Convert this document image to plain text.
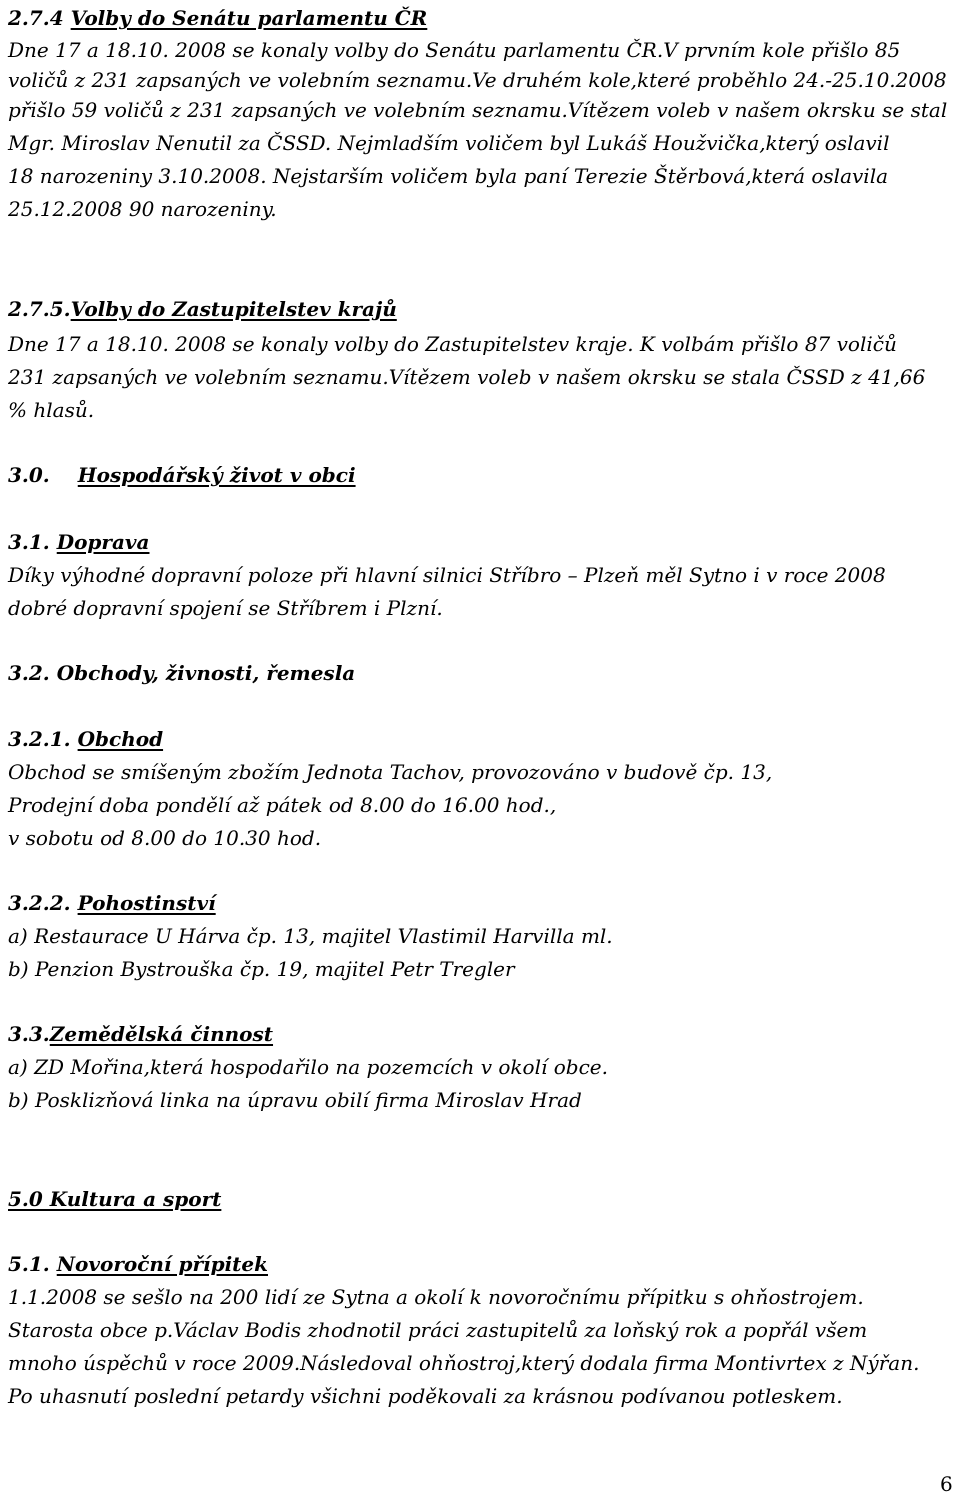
2.7.4 Volby do Senátu parlamentu ČR
Dne 17 a 18.10. 2008 se konaly volby do Senátu parlamentu ČR.V prvním kole přišlo 85
voličů z 231 zapsaných ve volebním seznamu.Ve druhém kole,které proběhlo 24.-25.10.2008
přišlo 59 voličů z 231 zapsaných ve volebním seznamu.Vítězem voleb v našem okrsku se stal
Mgr. Miroslav Nenutil za ČSSD. Nejmladším voličem byl Lukáš Houžvička,který oslavil
18 narozeniny 3.10.2008. Nejstarším voličem byla paní Terezie Štěrbová,která oslavila
25.12.2008 90 narozeniny.
2.7.5.Volby do Zastupitelstev krajů
Dne 17 a 18.10. 2008 se konaly volby do Zastupitelstev kraje. K volbám přišlo 87 voličů
231 zapsaných ve volebním seznamu.Vítězem voleb v našem okrsku se stala ČSSD z 41,66
% hlasů.
3.0. Hospodářský život v obci
3.1. Doprava
Díky výhodné dopravní poloze při hlavní silnici Stříbro – Plzeň měl Sytno i v roce 2008
dobré dopravní spojení se Stříbrem i Plzní.
3.2. Obchody, živnosti, řemesla
3.2.1. Obchod
Obchod se smíšeným zbožím Jednota Tachov, provozováno v budově čp. 13,
Prodejní doba pondělí až pátek od 8.00 do 16.00 hod.,
v sobotu od 8.00 do 10.30 hod.
3.2.2. Pohostinství
a) Restaurace U Hárva čp. 13, majitel Vlastimil Harvilla ml.
b) Penzion Bystrouška čp. 19, majitel Petr Tregler
3.3.Zemědělská činnost
a) ZD Mořina,která hospodařilo na pozemcích v okolí obce.
b) Posklizňová linka na úpravu obilí firma Miroslav Hrad
5.0 Kultura a sport
5.1. Novoroční přípitek
1.1.2008 se sešlo na 200 lidí ze Sytna a okolí k novoročnímu přípitku s ohňostrojem.
Starosta obce p.Václav Bodis zhodnotil práci zastupitelů za loňský rok a popřál všem
mnoho úspěchů v roce 2009.Následoval ohňostroj,který dodala firma Montivrtex z Nýřan.
Po uhasnutí poslední petardy všichni poděkovali za krásnou podívanou potleskem.
6
